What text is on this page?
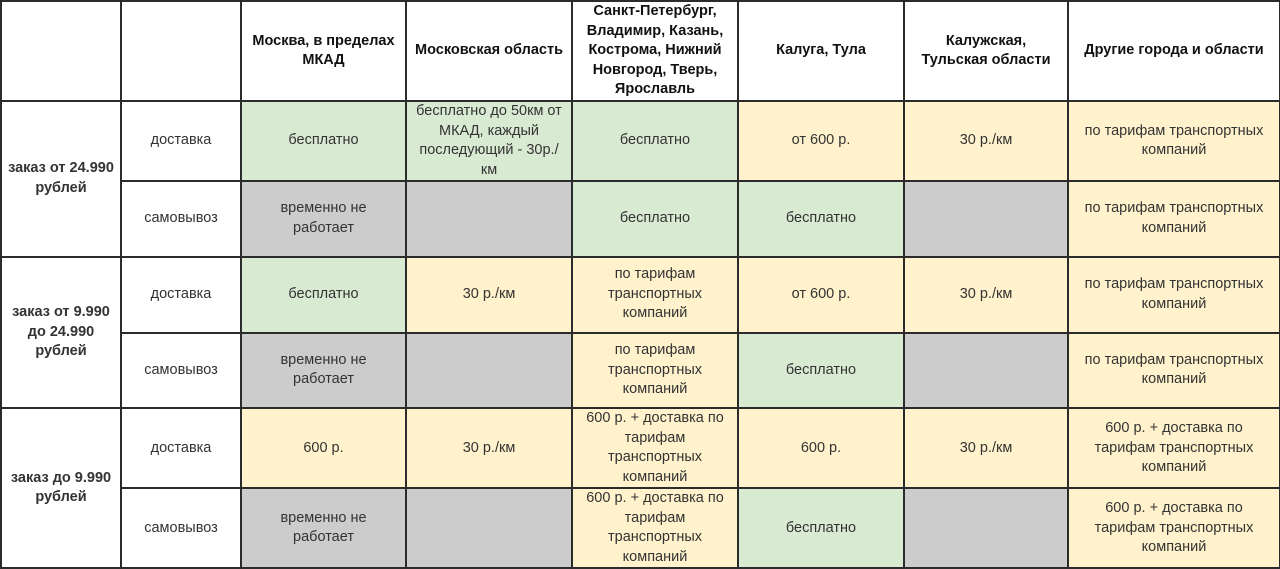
		Москва, в пределах МКАД	Московская область	Санкт-Петербург, Владимир, Казань, Кострома, Нижний Новгород, Тверь, Ярославль	Калуга, Тула	Калужская, Тульская области	Другие города и области
заказ от 24.990 рублей	доставка	бесплатно	бесплатно до 50км от МКАД, каждый последующий - 30р./км	бесплатно	от 600 р.	30 р./км	по тарифам транспортных компаний
	самовывоз	временно не работает		бесплатно	бесплатно		по тарифам транспортных компаний
заказ от 9.990 до 24.990 рублей	доставка	бесплатно	30 р./км	по тарифам транспортных компаний	от 600 р.	30 р./км	по тарифам транспортных компаний
	самовывоз	временно не работает		по тарифам транспортных компаний	бесплатно		по тарифам транспортных компаний
заказ до 9.990 рублей	доставка	600 р.	30 р./км	600 р. + доставка по тарифам транспортных компаний	600 р.	30 р./км	600 р. + доставка по тарифам транспортных компаний
	самовывоз	временно не работает		600 р. + доставка по тарифам транспортных компаний	бесплатно		600 р. + доставка по тарифам транспортных компаний
